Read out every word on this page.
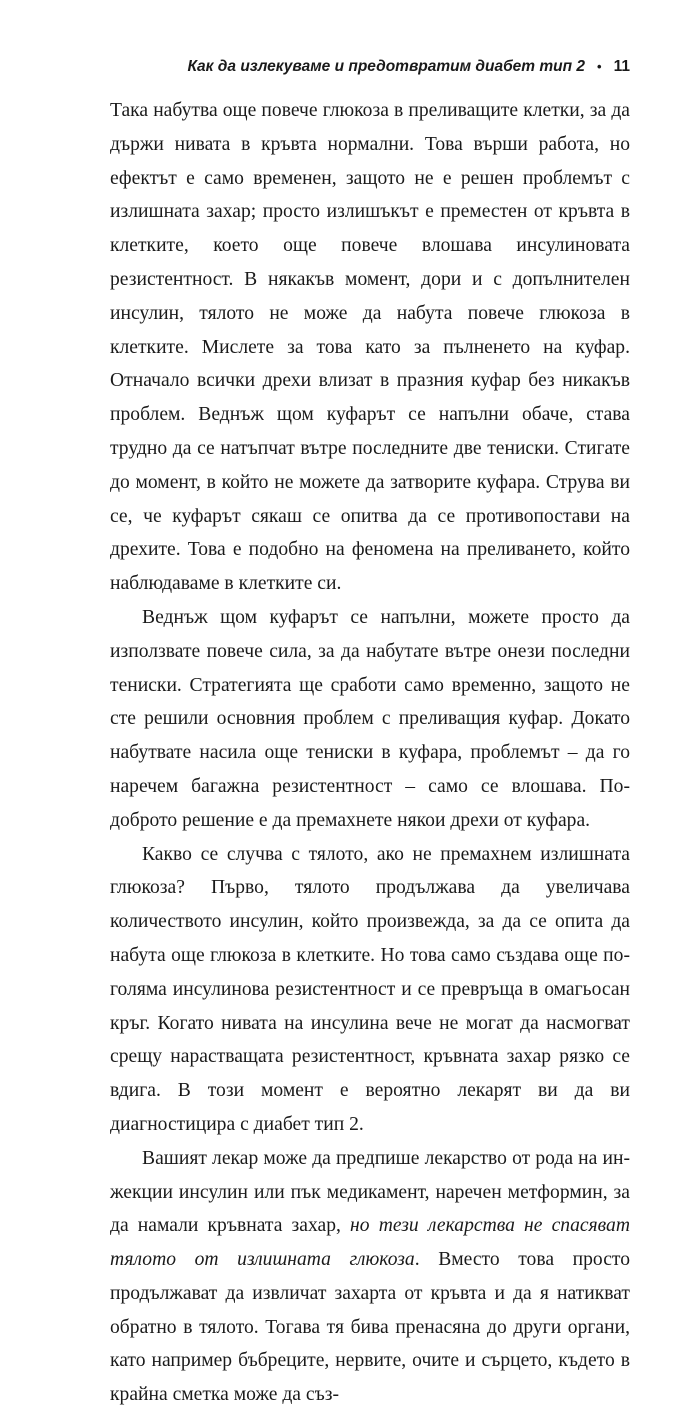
Как да излекуваме и предотвратим диабет тип 2 • 11

Така набутва още повече глюкоза в преливащите клетки, за да държи нивата в кръвта нормални. Това върши работа, но ефектът е само временен, защото не е решен проблемът с излишната захар; просто излишъкът е преместен от кръвта в клетките, което още повече влошава инсулиновата резистентност. В някакъв момент, дори и с допълнителен инсулин, тялото не може да набута повече глюкоза в клетките. Мислете за това като за пълненето на куфар. Отначало всички дрехи влизат в празния куфар без никакъв проблем. Веднъж щом куфарът се напълни обаче, става трудно да се натъпчат вътре последните две тениски. Стигате до момент, в който не можете да затворите куфара. Струва ви се, че куфарът сякаш се опитва да се противопостави на дрехите. Това е подобно на феномена на преливането, който наблюдаваме в клетките си.

Веднъж щом куфарът се напълни, можете просто да използвате повече сила, за да набутате вътре онези последни тениски. Стратегията ще сработи само временно, защото не сте решили основния проблем с преливащия куфар. Докато набутвате насила още тениски в куфара, проблемът – да го наречем багажна резистентност – само се влошава. По-доброто решение е да премахнете някои дрехи от куфара.

Какво се случва с тялото, ако не премахнем излишната глюкоза? Първо, тялото продължава да увеличава количеството инсулин, който произвежда, за да се опита да набута още глюкоза в клетките. Но това само създава още по-голяма инсулинова резистентност и се превръща в омагьосан кръг. Когато нивата на инсулина вече не могат да насмогват срещу нарастващата резистентност, кръвната захар рязко се вдига. В този момент е вероятно лекарят ви да ви диагностицира с диабет тип 2.

Вашият лекар може да предпише лекарство от рода на инжекции инсулин или пък медикамент, наречен метформин, за да намали кръвната захар, но тези лекарства не спасяват тялото от излишната глюкоза. Вместо това просто продължават да извличат захарта от кръвта и да я натикват обратно в тялото. Тогава тя бива пренасяна до други органи, като например бъбреците, нервите, очите и сърцето, където в крайна сметка може да съз-
